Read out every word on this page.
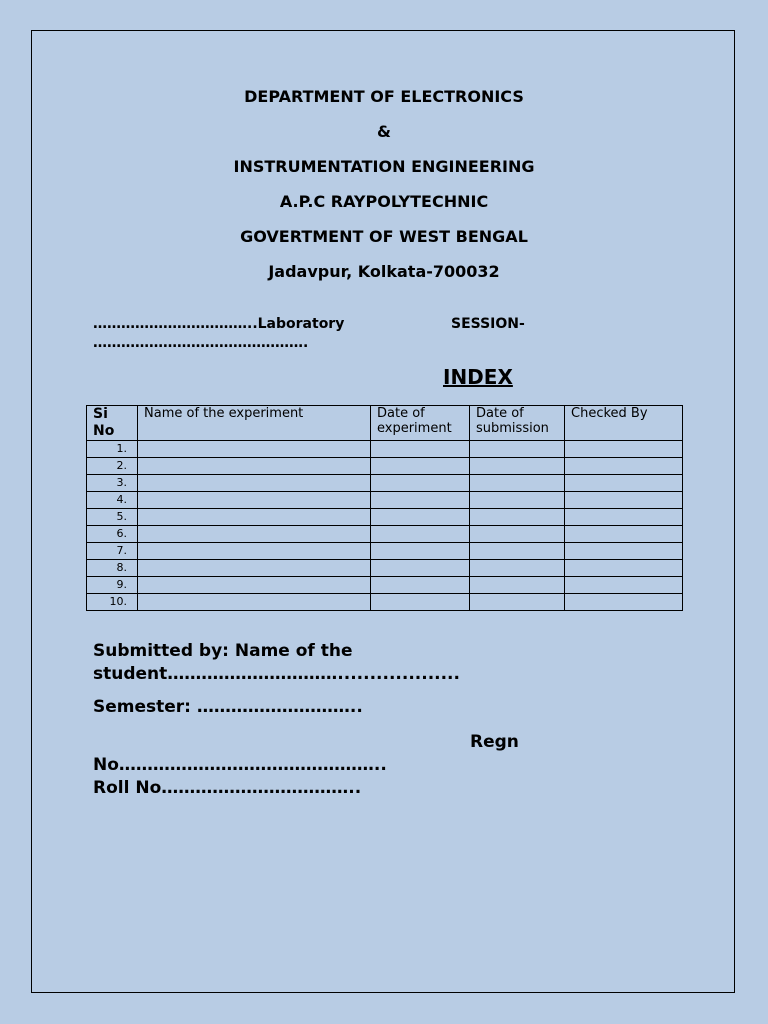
DEPARTMENT OF ELECTRONICS
&
INSTRUMENTATION ENGINEERING
A.P.C RAYPOLYTECHNIC
GOVERTMENT OF WEST BENGAL
Jadavpur, Kolkata-700032
……………………………..Laboratory	SESSION-
……………………………………….
INDEX
Si
No	Name of the experiment	Date of experiment	Date of submission	Checked By
1.				
2.				
3.				
4.				
5.				
6.				
7.				
8.				
9.				
10.				
Submitted by: Name of the
student…………………………...................
Semester: ………………………..
Regn
No………………………………………..
Roll No……………………………..
